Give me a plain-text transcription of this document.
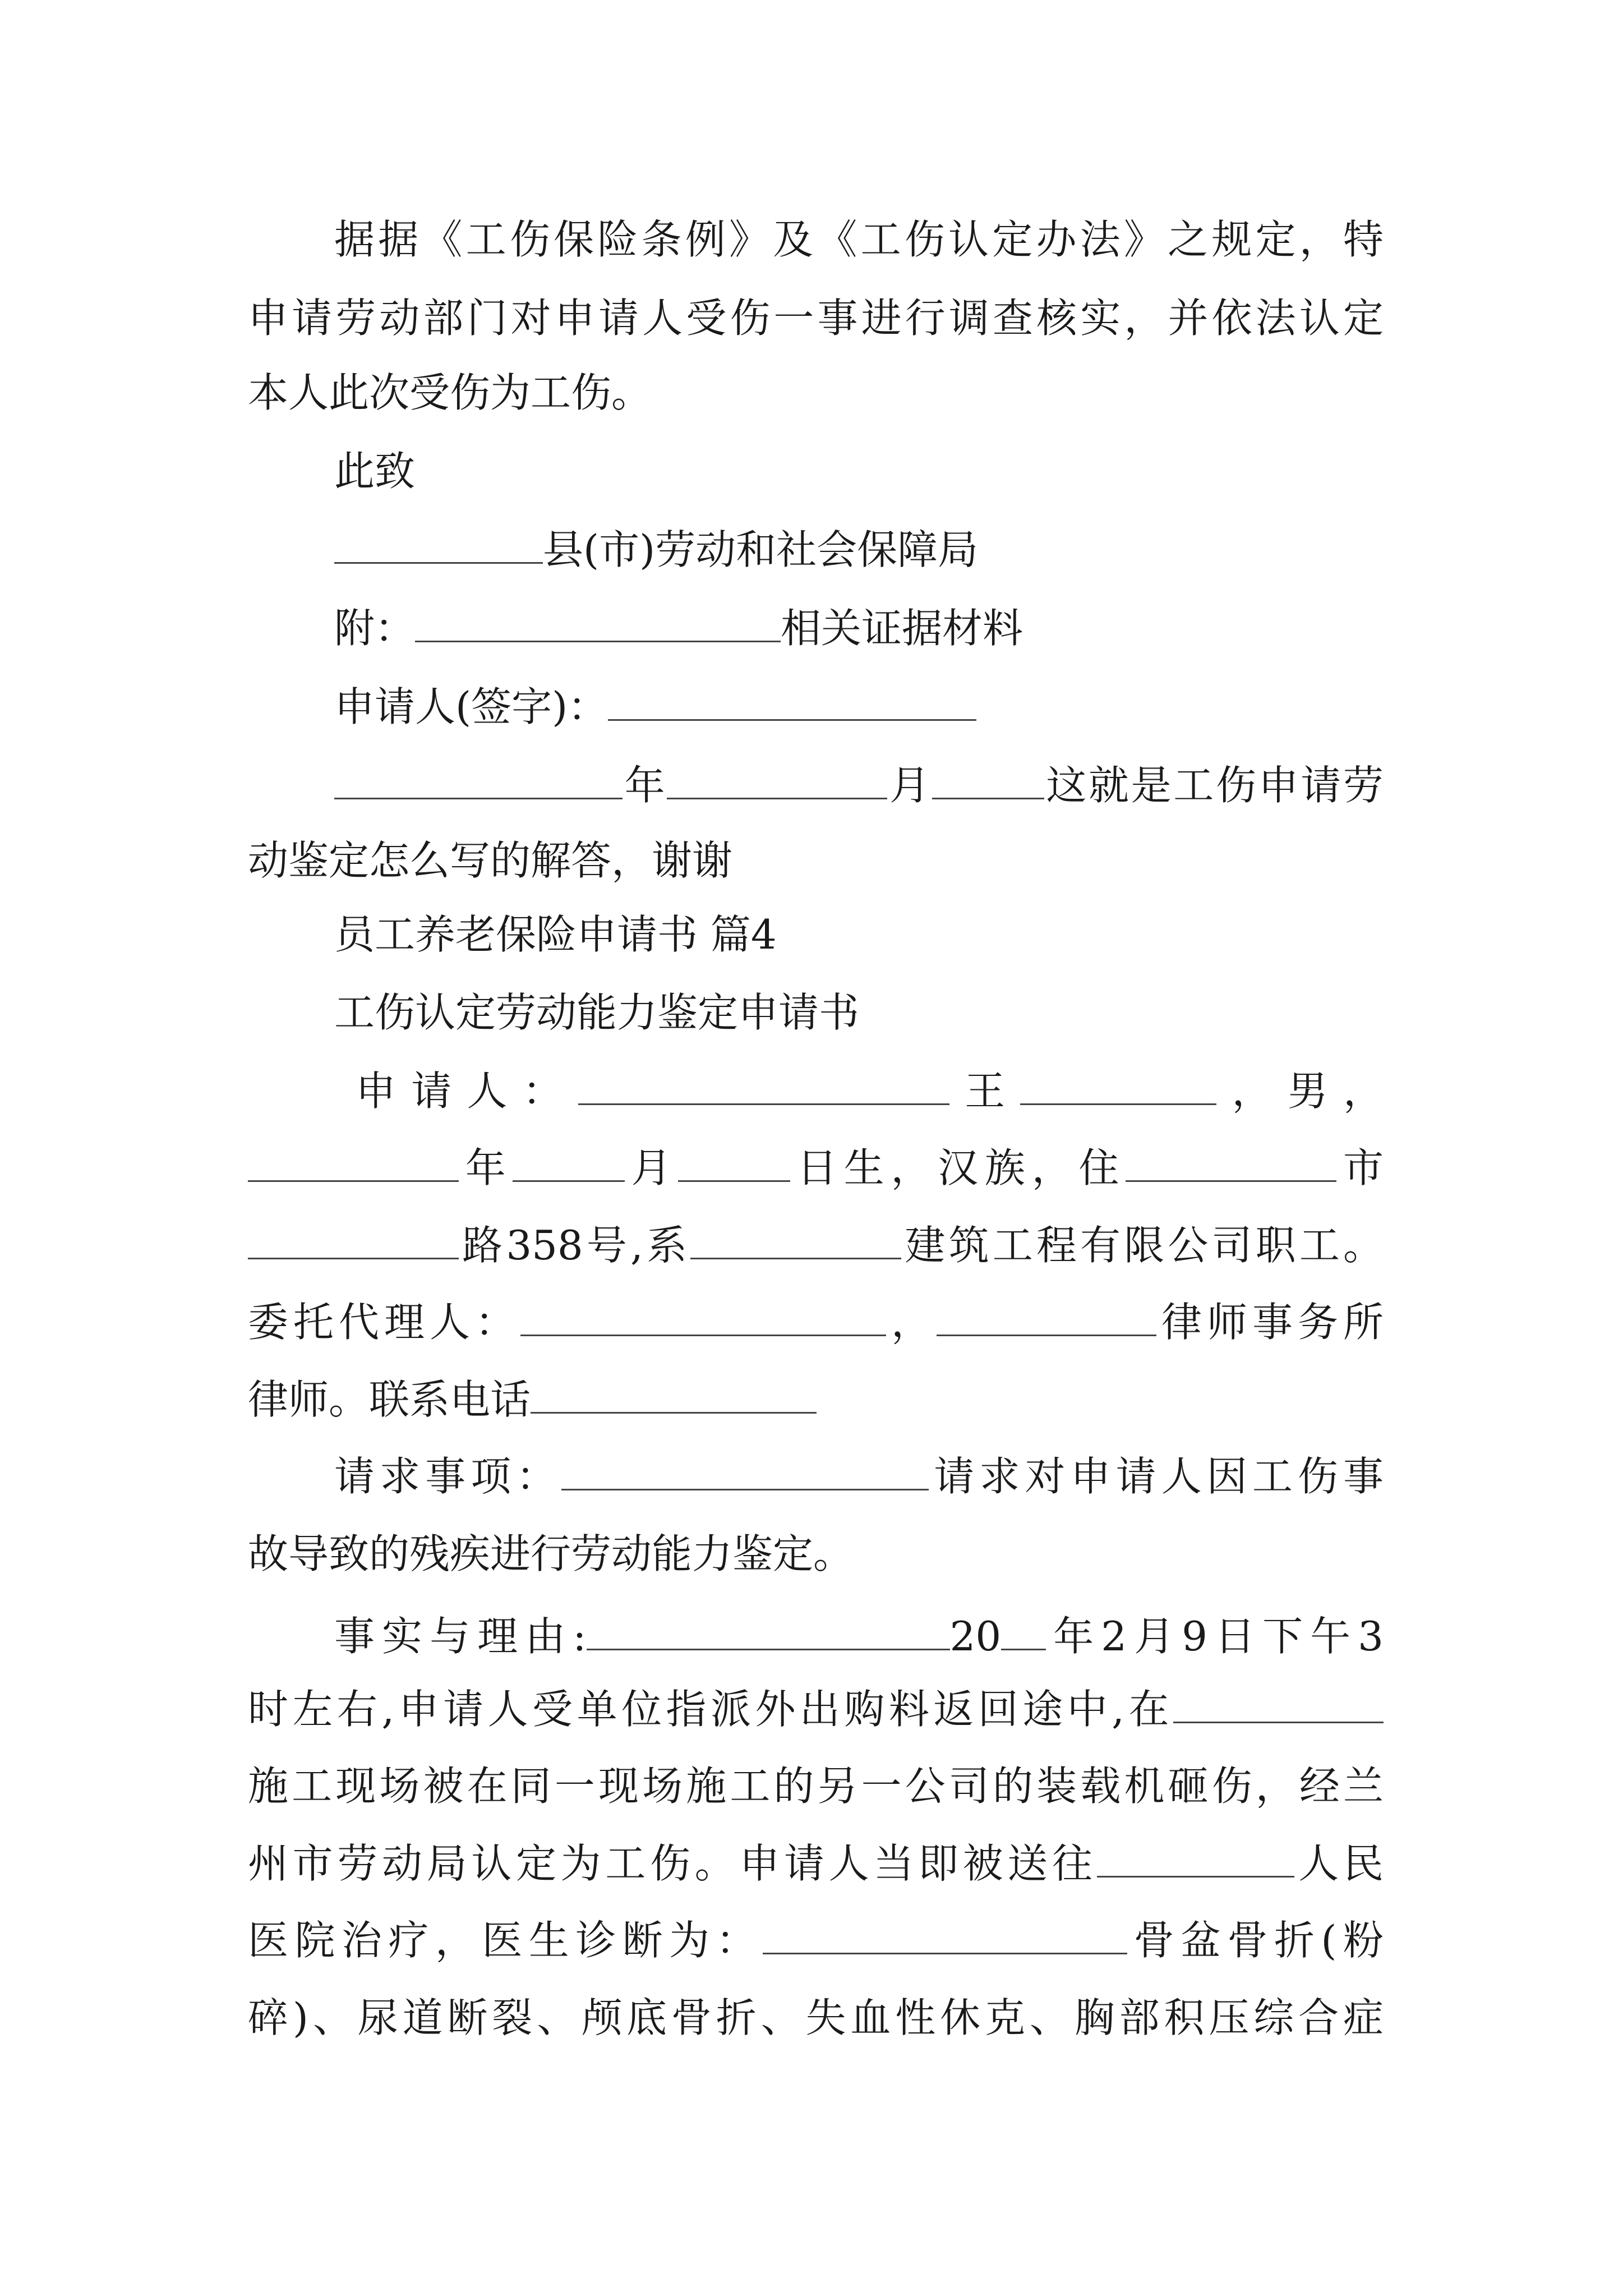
据据《工伤保险条例》及《工伤认定办法》之规定，特
申请劳动部门对申请人受伤一事进行调查核实，并依法认定
本人此次受伤为工伤。
此致
县(市)劳动和社会保障局
附：	相关证据材料
申请人(签字)：
年	月	这就是工伤申请劳
动鉴定怎么写的解答，谢谢
员工养老保险申请书 篇4
工伤认定劳动能力鉴定申请书
申请人：	王	，男，
年	月	日生，汉族，住	市
路358号,系	建筑工程有限公司职工。
委托代理人：	，	律师事务所
律师。联系电话
请求事项：	请求对申请人因工伤事
故导致的残疾进行劳动能力鉴定。
事实与理由:	20 年2月9日下午3
时左右,申请人受单位指派外出购料返回途中,在
施工现场被在同一现场施工的另一公司的装载机砸伤，经兰
州市劳动局认定为工伤。申请人当即被送往	人民
医院治疗，医生诊断为：	骨盆骨折(粉
碎)、尿道断裂、颅底骨折、失血性休克、胸部积压综合症
